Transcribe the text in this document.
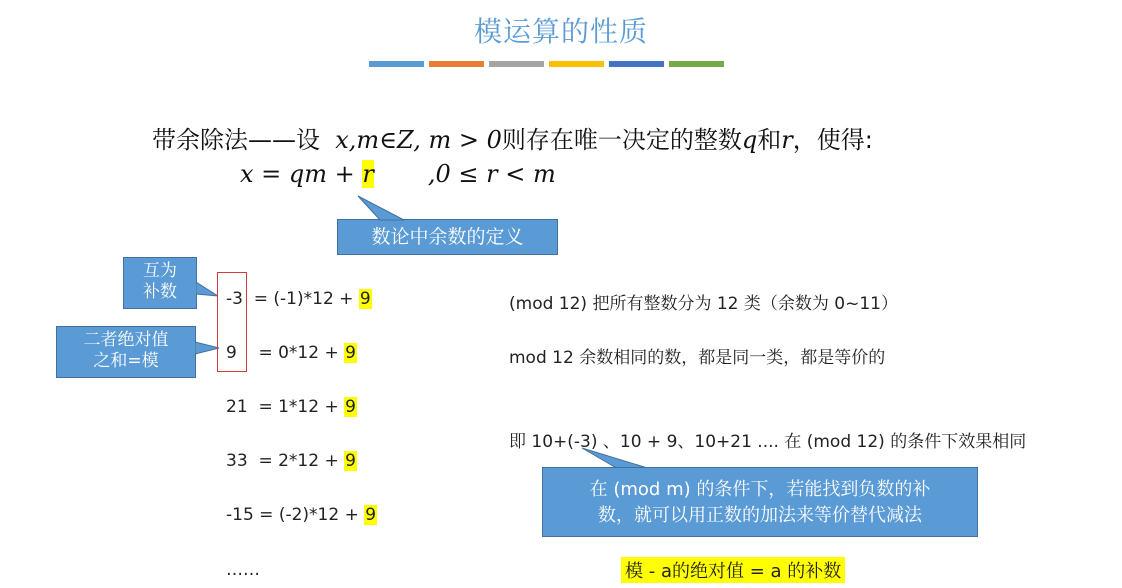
模运算的性质
带余除法——设 x,m∈Z, m > 0则存在唯一决定的整数q和r，使得:
x = qm + r ,0 ≤ r < m
数论中余数的定义
互为
补数
二者绝对值
之和=模
-3  = (-1)*12 + 9
9    = 0*12 + 9
21  = 1*12 + 9
33  = 2*12 + 9
-15 = (-2)*12 + 9
……
(mod 12) 把所有整数分为 12 类（余数为 0~11）
mod 12 余数相同的数，都是同一类，都是等价的
即 10+(-3) 、10 + 9、10+21 .... 在 (mod 12) 的条件下效果相同
在 (mod m) 的条件下，若能找到负数的补
数，就可以用正数的加法来等价替代减法
模 - a的绝对值 = a 的补数
